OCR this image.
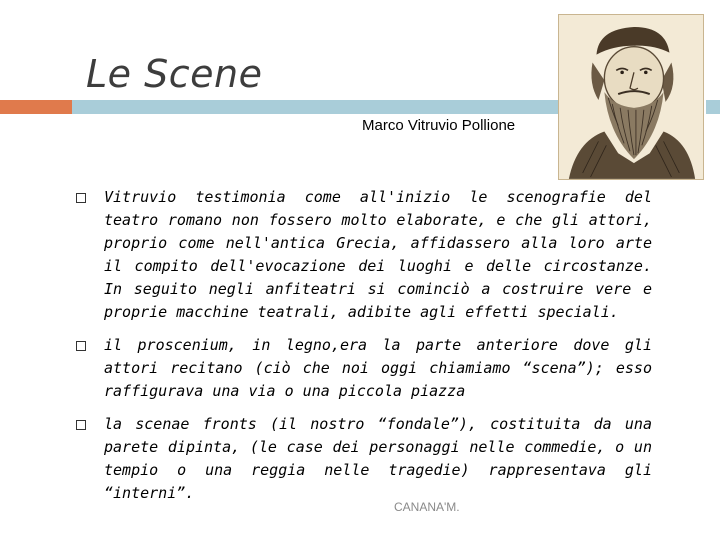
Le Scene
Marco Vitruvio Pollione
Vitruvio testimonia come all'inizio le scenografie del teatro romano non fossero molto elaborate, e che gli attori, proprio come nell'antica Grecia, affidassero alla loro arte il compito dell'evocazione dei luoghi e delle circostanze. In seguito negli anfiteatri si cominciò a costruire vere e proprie macchine teatrali, adibite agli effetti speciali.
il proscenium, in legno,era la parte anteriore dove gli attori recitano (ciò che noi oggi chiamiamo “scena”); esso raffigurava una via o una piccola piazza
la scenae fronts (il nostro “fondale”), costituita da una parete dipinta, (le case dei personaggi nelle commedie, o un tempio o una reggia nelle tragedie) rappresentava gli “interni”.
CANANA'M.
